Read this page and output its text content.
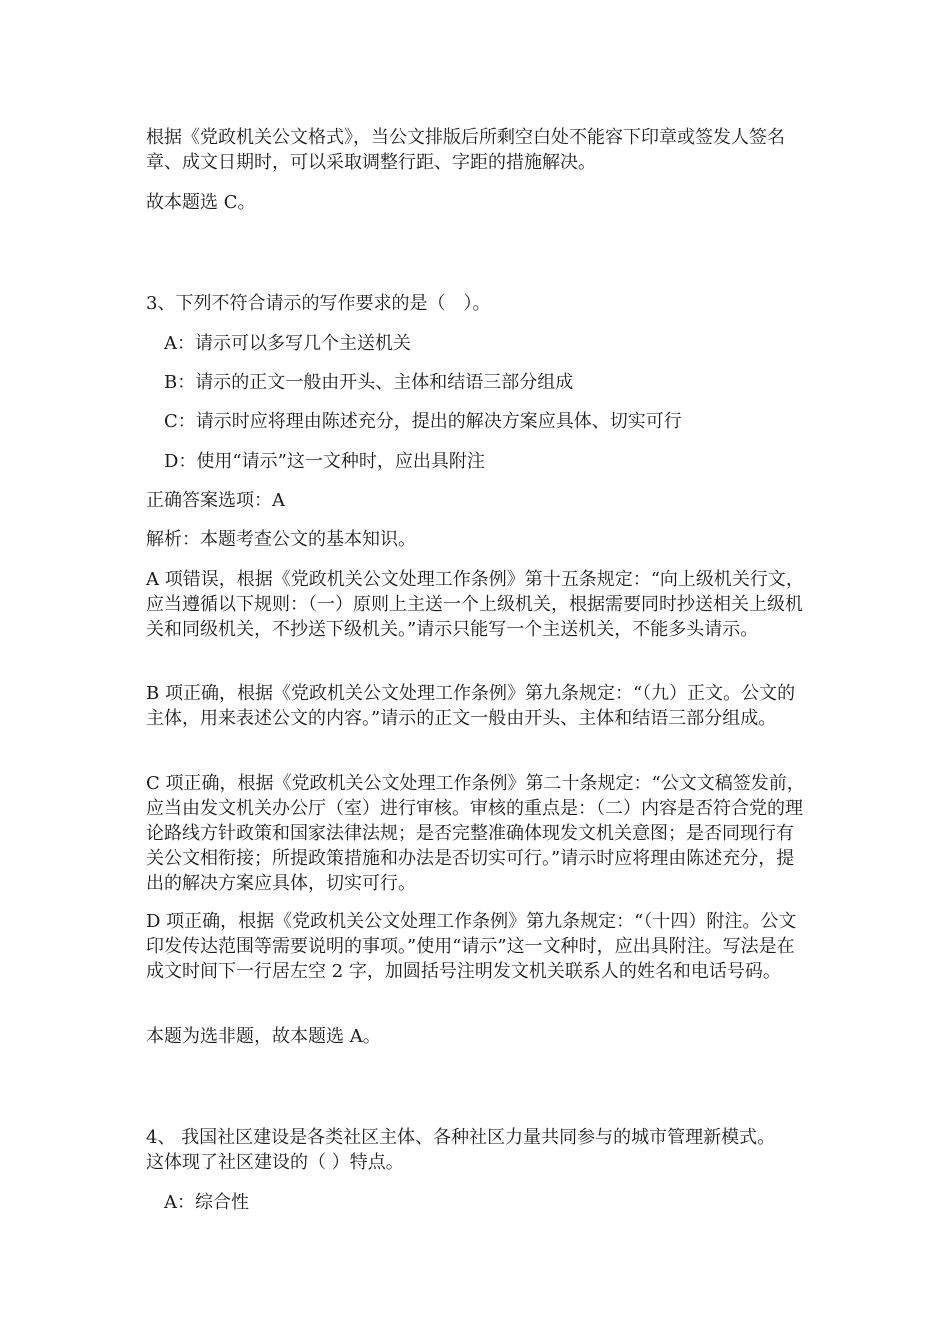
根据《党政机关公文格式》，当公文排版后所剩空白处不能容下印章或签发人签名章、成文日期时，可以采取调整行距、字距的措施解决。

故本题选 C。

3、下列不符合请示的写作要求的是（　）。

A：请示可以多写几个主送机关

B：请示的正文一般由开头、主体和结语三部分组成

C：请示时应将理由陈述充分，提出的解决方案应具体、切实可行

D：使用“请示”这一文种时，应出具附注

正确答案选项：A

解析：本题考查公文的基本知识。

A 项错误，根据《党政机关公文处理工作条例》第十五条规定：“向上级机关行文，应当遵循以下规则：（一）原则上主送一个上级机关，根据需要同时抄送相关上级机关和同级机关，不抄送下级机关。”请示只能写一个主送机关，不能多头请示。

B 项正确，根据《党政机关公文处理工作条例》第九条规定：“（九）正文。公文的主体，用来表述公文的内容。”请示的正文一般由开头、主体和结语三部分组成。

C 项正确，根据《党政机关公文处理工作条例》第二十条规定：“公文文稿签发前，应当由发文机关办公厅（室）进行审核。审核的重点是：（二）内容是否符合党的理论路线方针政策和国家法律法规；是否完整准确体现发文机关意图；是否同现行有关公文相衔接；所提政策措施和办法是否切实可行。”请示时应将理由陈述充分，提出的解决方案应具体，切实可行。

D 项正确，根据《党政机关公文处理工作条例》第九条规定：“（十四）附注。公文印发传达范围等需要说明的事项。”使用“请示”这一文种时，应出具附注。写法是在成文时间下一行居左空 2 字，加圆括号注明发文机关联系人的姓名和电话号码。

本题为选非题，故本题选 A。

4、 我国社区建设是各类社区主体、各种社区力量共同参与的城市管理新模式。这体现了社区建设的（ ）特点。

A：综合性
